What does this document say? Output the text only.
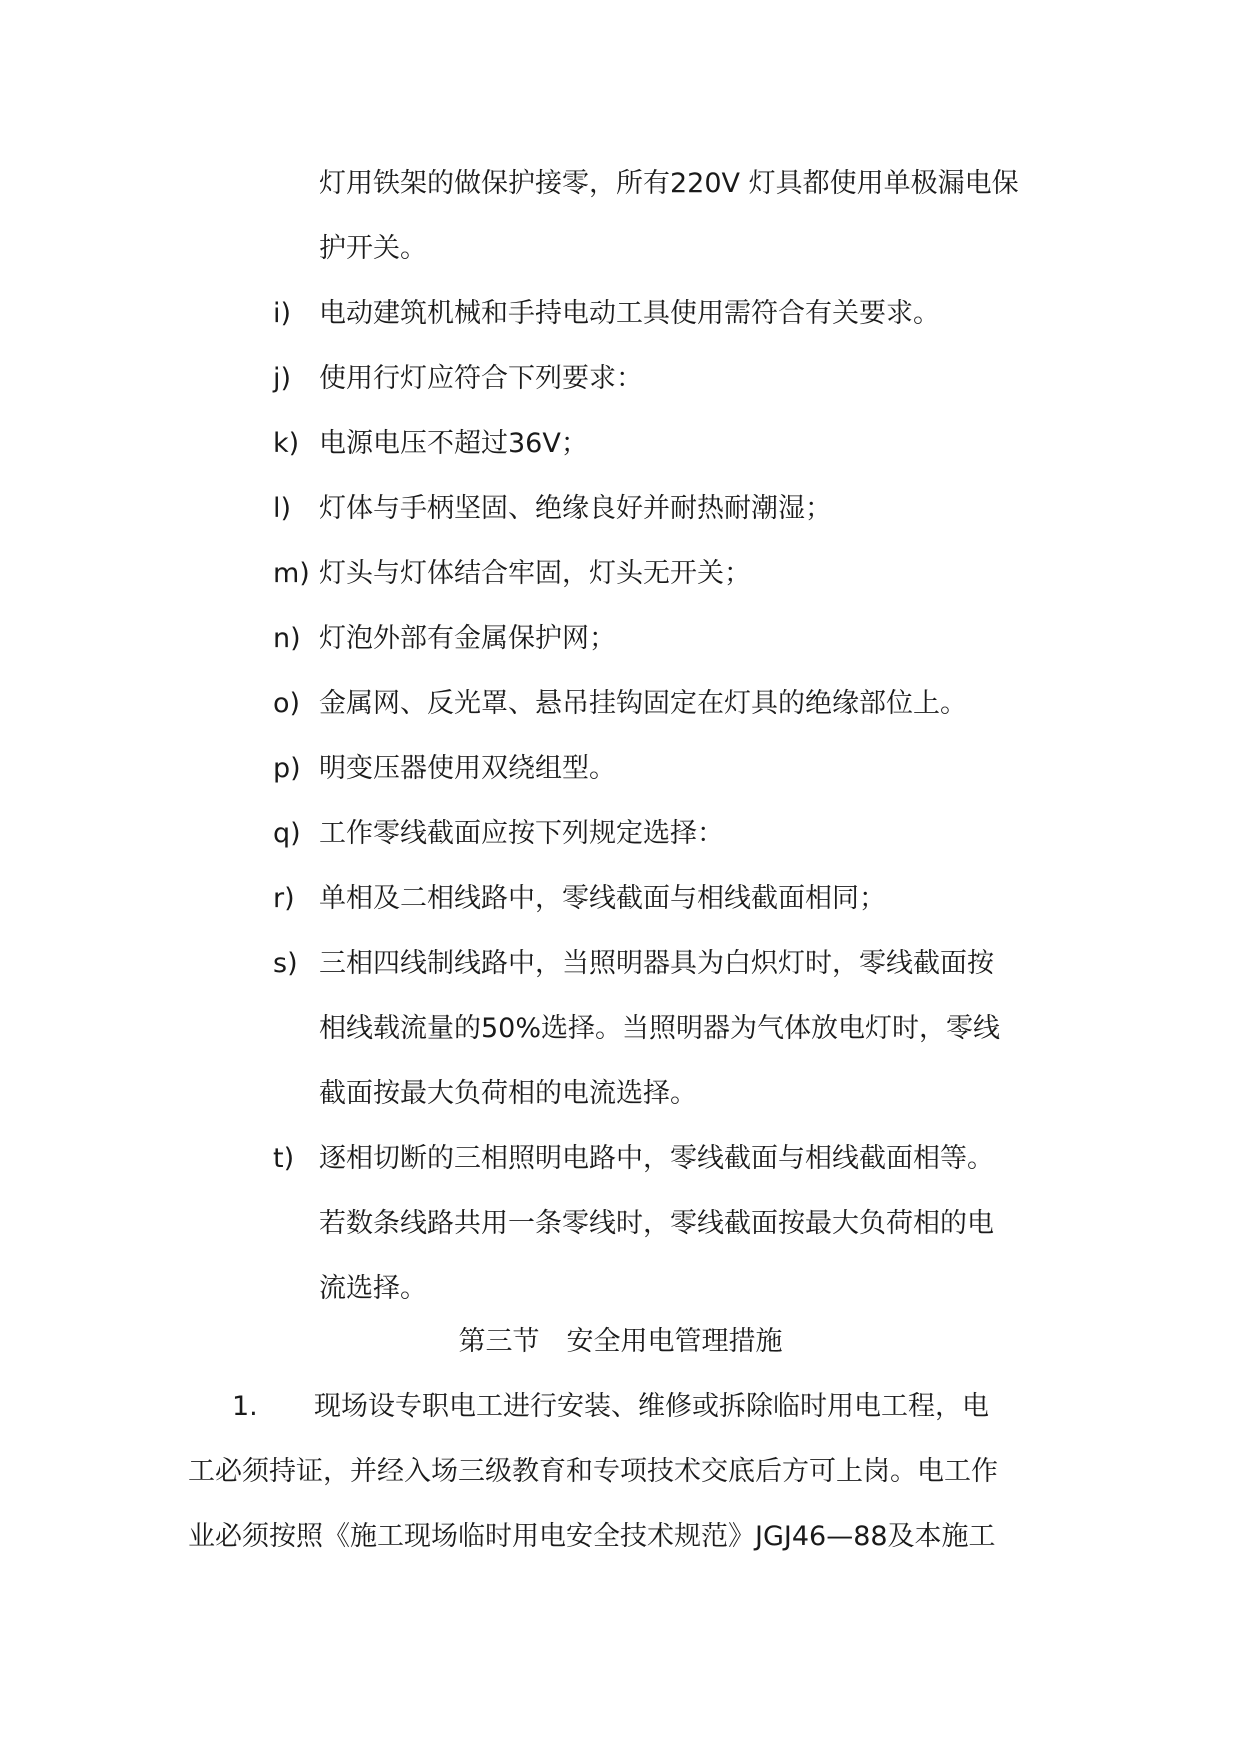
灯用铁架的做保护接零，所有220V 灯具都使用单极漏电保
护开关。
i) 电动建筑机械和手持电动工具使用需符合有关要求。
j) 使用行灯应符合下列要求：
k) 电源电压不超过36V；
l) 灯体与手柄坚固、绝缘良好并耐热耐潮湿；
m) 灯头与灯体结合牢固，灯头无开关；
n) 灯泡外部有金属保护网；
o) 金属网、反光罩、悬吊挂钩固定在灯具的绝缘部位上。
p) 明变压器使用双绕组型。
q) 工作零线截面应按下列规定选择：
r) 单相及二相线路中，零线截面与相线截面相同；
s) 三相四线制线路中，当照明器具为白炽灯时，零线截面按
相线载流量的50%选择。当照明器为气体放电灯时，零线
截面按最大负荷相的电流选择。
t) 逐相切断的三相照明电路中，零线截面与相线截面相等。
若数条线路共用一条零线时，零线截面按最大负荷相的电
流选择。
第三节　安全用电管理措施
1. 现场设专职电工进行安装、维修或拆除临时用电工程，电
工必须持证，并经入场三级教育和专项技术交底后方可上岗。电工作
业必须按照《施工现场临时用电安全技术规范》JGJ46—88及本施工
